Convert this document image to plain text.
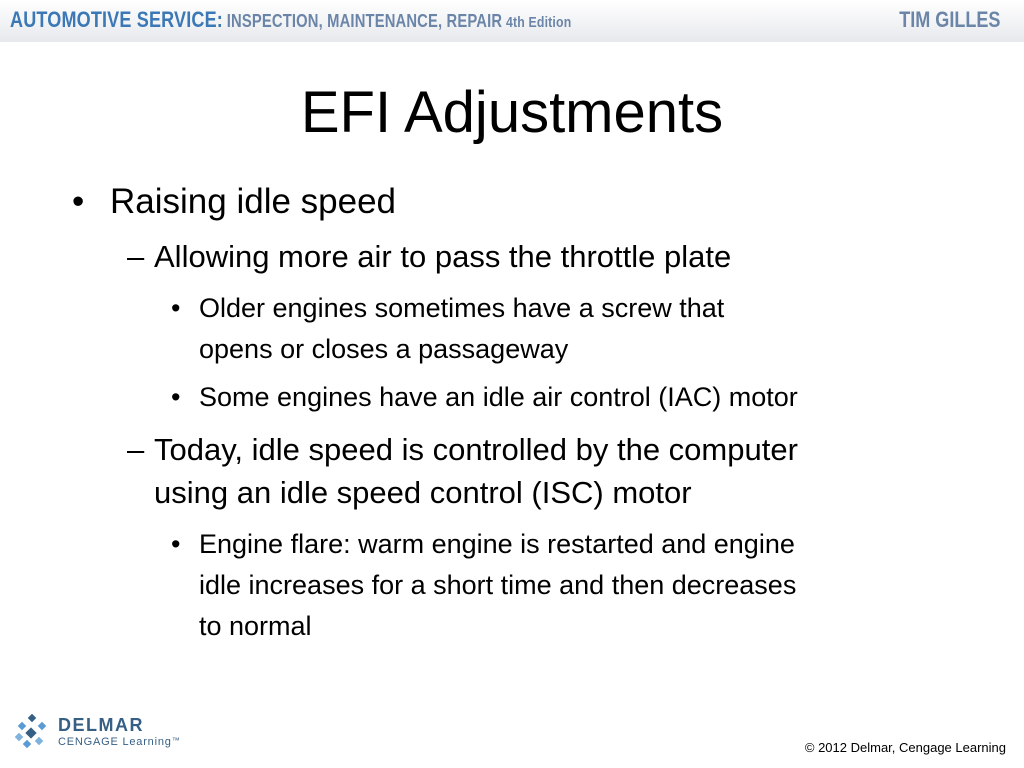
AUTOMOTIVE SERVICE: INSPECTION, MAINTENANCE, REPAIR 4th Edition	TIM GILLES
EFI Adjustments
• Raising idle speed
– Allowing more air to pass the throttle plate
• Older engines sometimes have a screw that
opens or closes a passageway
• Some engines have an idle air control (IAC) motor
– Today, idle speed is controlled by the computer
using an idle speed control (ISC) motor
• Engine flare: warm engine is restarted and engine
idle increases for a short time and then decreases
to normal
DELMAR
CENGAGE Learning™	© 2012 Delmar, Cengage Learning
